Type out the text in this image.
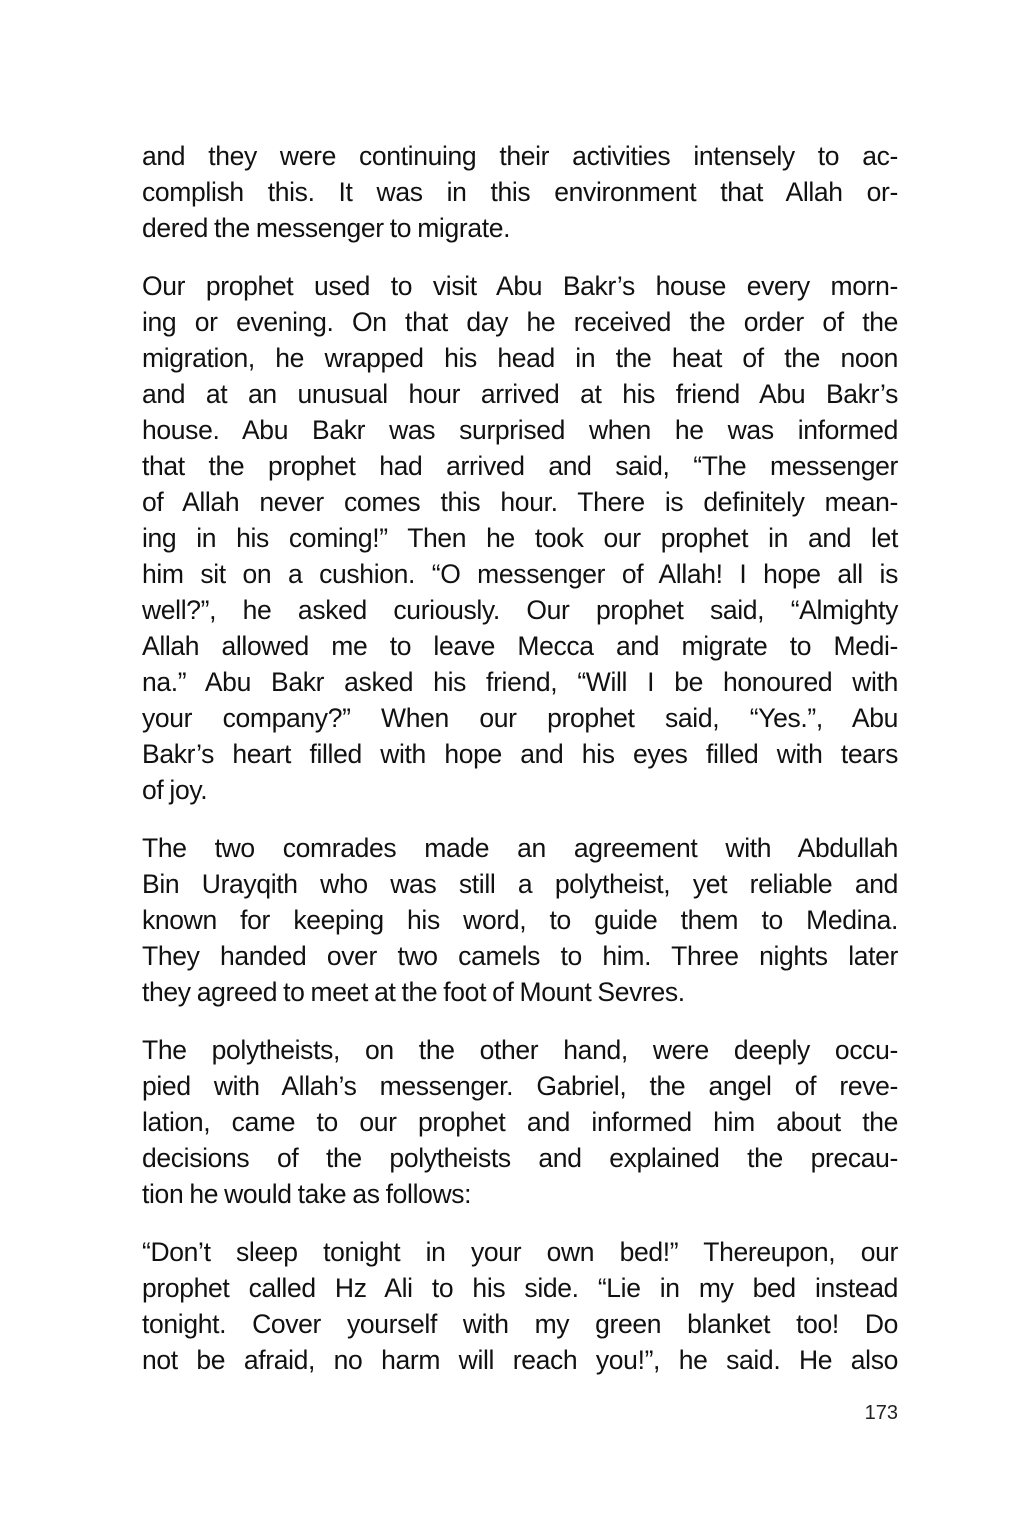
and they were continuing their activities intensely to ac-
complish this. It was in this environment that Allah or-
dered the messenger to migrate.

Our prophet used to visit Abu Bakr’s house every morn-
ing or evening. On that day he received the order of the
migration, he wrapped his head in the heat of the noon
and at an unusual hour arrived at his friend Abu Bakr’s
house. Abu Bakr was surprised when he was informed
that the prophet had arrived and said, “The messenger
of Allah never comes this hour. There is definitely mean-
ing in his coming!” Then he took our prophet in and let
him sit on a cushion. “O messenger of Allah! I hope all is
well?”, he asked curiously. Our prophet said, “Almighty
Allah allowed me to leave Mecca and migrate to Medi-
na.” Abu Bakr asked his friend, “Will I be honoured with
your company?” When our prophet said, “Yes.”, Abu
Bakr’s heart filled with hope and his eyes filled with tears
of joy.

The two comrades made an agreement with Abdullah
Bin Urayqith who was still a polytheist, yet reliable and
known for keeping his word, to guide them to Medina.
They handed over two camels to him. Three nights later
they agreed to meet at the foot of Mount Sevres.

The polytheists, on the other hand, were deeply occu-
pied with Allah’s messenger. Gabriel, the angel of reve-
lation, came to our prophet and informed him about the
decisions of the polytheists and explained the precau-
tion he would take as follows:

“Don’t sleep tonight in your own bed!” Thereupon, our
prophet called Hz Ali to his side. “Lie in my bed instead
tonight. Cover yourself with my green blanket too! Do
not be afraid, no harm will reach you!”, he said. He also

173
